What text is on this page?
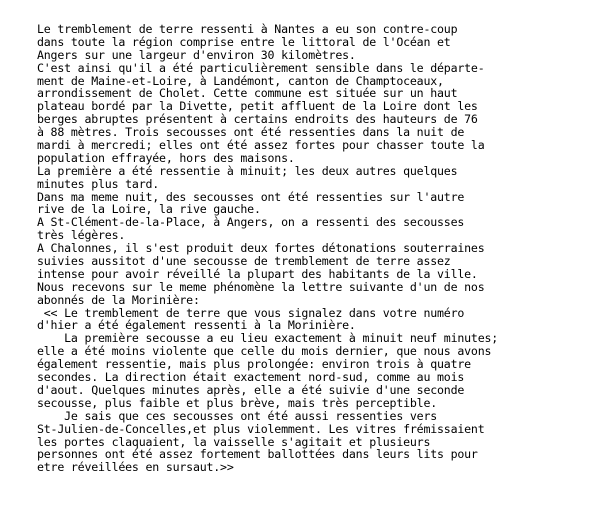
Le tremblement de terre ressenti à Nantes a eu son contre-coup
dans toute la région comprise entre le littoral de l'Océan et
Angers sur une largeur d'environ 30 kilomètres.
C'est ainsi qu'il a été particulièrement sensible dans le départe-
ment de Maine-et-Loire, à Landémont, canton de Champtoceaux,
arrondissement de Cholet. Cette commune est située sur un haut
plateau bordé par la Divette, petit affluent de la Loire dont les
berges abruptes présentent à certains endroits des hauteurs de 76
à 88 mètres. Trois secousses ont été ressenties dans la nuit de
mardi à mercredi; elles ont été assez fortes pour chasser toute la
population effrayée, hors des maisons.
La première a été ressentie à minuit; les deux autres quelques
minutes plus tard.
Dans ma meme nuit, des secousses ont été ressenties sur l'autre
rive de la Loire, la rive gauche.
A St-Clément-de-la-Place, à Angers, on a ressenti des secousses
très légères.
A Chalonnes, il s'est produit deux fortes détonations souterraines
suivies aussitot d'une secousse de tremblement de terre assez
intense pour avoir réveillé la plupart des habitants de la ville.
Nous recevons sur le meme phénomène la lettre suivante d'un de nos
abonnés de la Morinière:
<< Le tremblement de terre que vous signalez dans votre numéro
d'hier a été également ressenti à la Morinière.
La première secousse a eu lieu exactement à minuit neuf minutes;
elle a été moins violente que celle du mois dernier, que nous avons
également ressentie, mais plus prolongée: environ trois à quatre
secondes. La direction était exactement nord-sud, comme au mois
d'aout. Quelques minutes après, elle a été suivie d'une seconde
secousse, plus faible et plus brève, mais très perceptible.
Je sais que ces secousses ont été aussi ressenties vers
St-Julien-de-Concelles,et plus violemment. Les vitres frémissaient
les portes claquaient, la vaisselle s'agitait et plusieurs
personnes ont été assez fortement ballottées dans leurs lits pour
etre réveillées en sursaut.>>
